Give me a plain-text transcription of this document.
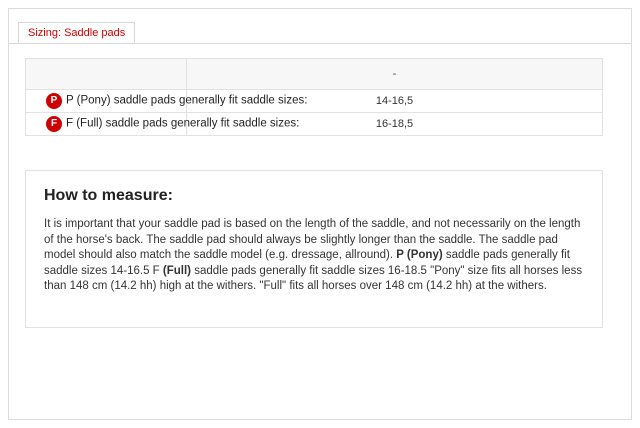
Sizing: Saddle pads
	-
P P (Pony) saddle pads generally fit saddle sizes:	14-16,5
F F (Full) saddle pads generally fit saddle sizes:	16-18,5
How to measure:

It is important that your saddle pad is based on the length of the saddle, and not necessarily on the length of the horse's back. The saddle pad should always be slightly longer than the saddle. The saddle pad model should also match the saddle model (e.g. dressage, allround). P (Pony) saddle pads generally fit saddle sizes 14-16.5 F (Full) saddle pads generally fit saddle sizes 16-18.5 "Pony" size fits all horses less than 148 cm (14.2 hh) high at the withers. "Full" fits all horses over 148 cm (14.2 hh) at the withers.
